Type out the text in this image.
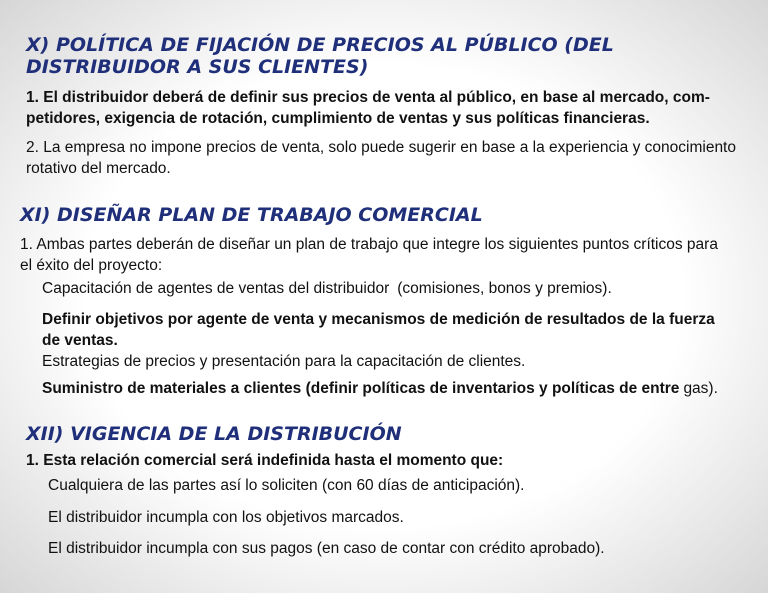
X) POLÍTICA DE FIJACIÓN DE PRECIOS AL PÚBLICO (DEL DISTRIBUIDOR A SUS CLIENTES)

1. El distribuidor deberá de definir sus precios de venta al público, en base al mercado, com-petidores, exigencia de rotación, cumplimiento de ventas y sus políticas financieras.

2. La empresa no impone precios de venta, solo puede sugerir en base a la experiencia y conocimiento rotativo del mercado.

XI) DISEÑAR PLAN DE TRABAJO COMERCIAL

1. Ambas partes deberán de diseñar un plan de trabajo que integre los siguientes puntos críticos para el éxito del proyecto:

Capacitación de agentes de ventas del distribuidor (comisiones, bonos y premios).

Definir objetivos por agente de venta y mecanismos de medición de resultados de la fuerza de ventas.

Estrategias de precios y presentación para la capacitación de clientes.

Suministro de materiales a clientes (definir políticas de inventarios y políticas de entre gas).

XII) VIGENCIA DE LA DISTRIBUCIÓN

1. Esta relación comercial será indefinida hasta el momento que:

Cualquiera de las partes así lo soliciten (con 60 días de anticipación).

El distribuidor incumpla con los objetivos marcados.

El distribuidor incumpla con sus pagos (en caso de contar con crédito aprobado).
